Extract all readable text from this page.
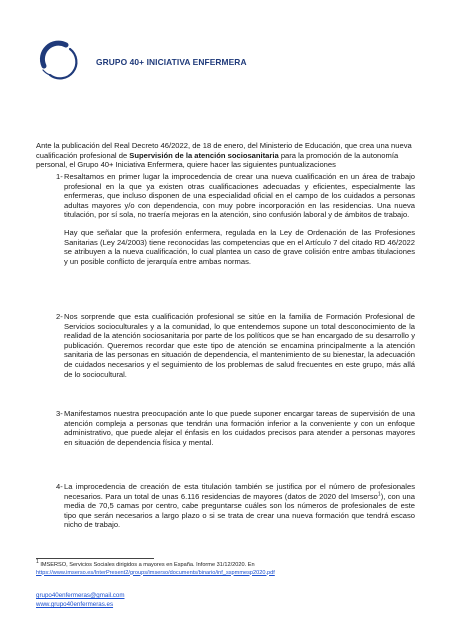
GRUPO 40+ INICIATIVA ENFERMERA
Ante la publicación del Real Decreto 46/2022, de 18 de enero, del Ministerio de Educación, que crea una nueva cualificación profesional de Supervisión de la atención sociosanitaria para la promoción de la autonomía personal, el Grupo 40+ Iniciativa Enfermera, quiere hacer las siguientes puntualizaciones
1- Resaltamos en primer lugar la improcedencia de crear una nueva cualificación en un área de trabajo profesional en la que ya existen otras cualificaciones adecuadas y eficientes, especialmente las enfermeras, que incluso disponen de una especialidad oficial en el campo de los cuidados a personas adultas mayores y/o con dependencia, con muy pobre incorporación en las residencias. Una nueva titulación, por sí sola, no traería mejoras en la atención, sino confusión laboral y de ámbitos de trabajo.

Hay que señalar que la profesión enfermera, regulada en la Ley de Ordenación de las Profesiones Sanitarias (Ley 24/2003) tiene reconocidas las competencias que en el Artículo 7 del citado RD 46/2022 se atribuyen a la nueva cualificación, lo cual plantea un caso de grave colisión entre ambas titulaciones y un posible conflicto de jerarquía entre ambas normas.

2- Nos sorprende que esta cualificación profesional se sitúe en la familia de Formación Profesional de Servicios socioculturales y a la comunidad, lo que entendemos supone un total desconocimiento de la realidad de la atención sociosanitaria por parte de los políticos que se han encargado de su desarrollo y publicación. Queremos recordar que este tipo de atención se encamina principalmente a la atención sanitaria de las personas en situación de dependencia, el mantenimiento de su bienestar, la adecuación de cuidados necesarios y el seguimiento de los problemas de salud frecuentes en este grupo, más allá de lo sociocultural.

3- Manifestamos nuestra preocupación ante lo que puede suponer encargar tareas de supervisión de una atención compleja a personas que tendrán una formación inferior a la conveniente y con un enfoque administrativo, que puede alejar el énfasis en los cuidados precisos para atender a personas mayores en situación de dependencia física y mental.

4- La improcedencia de creación de esta titulación también se justifica por el número de profesionales necesarios. Para un total de unas 6.116 residencias de mayores (datos de 2020 del Imserso$^1$), con una media de 70,5 camas por centro, cabe preguntarse cuáles son los números de profesionales de este tipo que serán necesarios a largo plazo o si se trata de crear una nueva formación que tendrá escaso nicho de trabajo.

1 IMSERSO, Servicios Sociales dirigidos a mayores en España. Informe 31/12/2020. En
https://www.imserso.es/InterPresent2/groups/imserso/documents/binario/inf_sspmmesp2020.pdf
grupo40enfermeras@gmail.com
www.grupo40enfermeras.es
